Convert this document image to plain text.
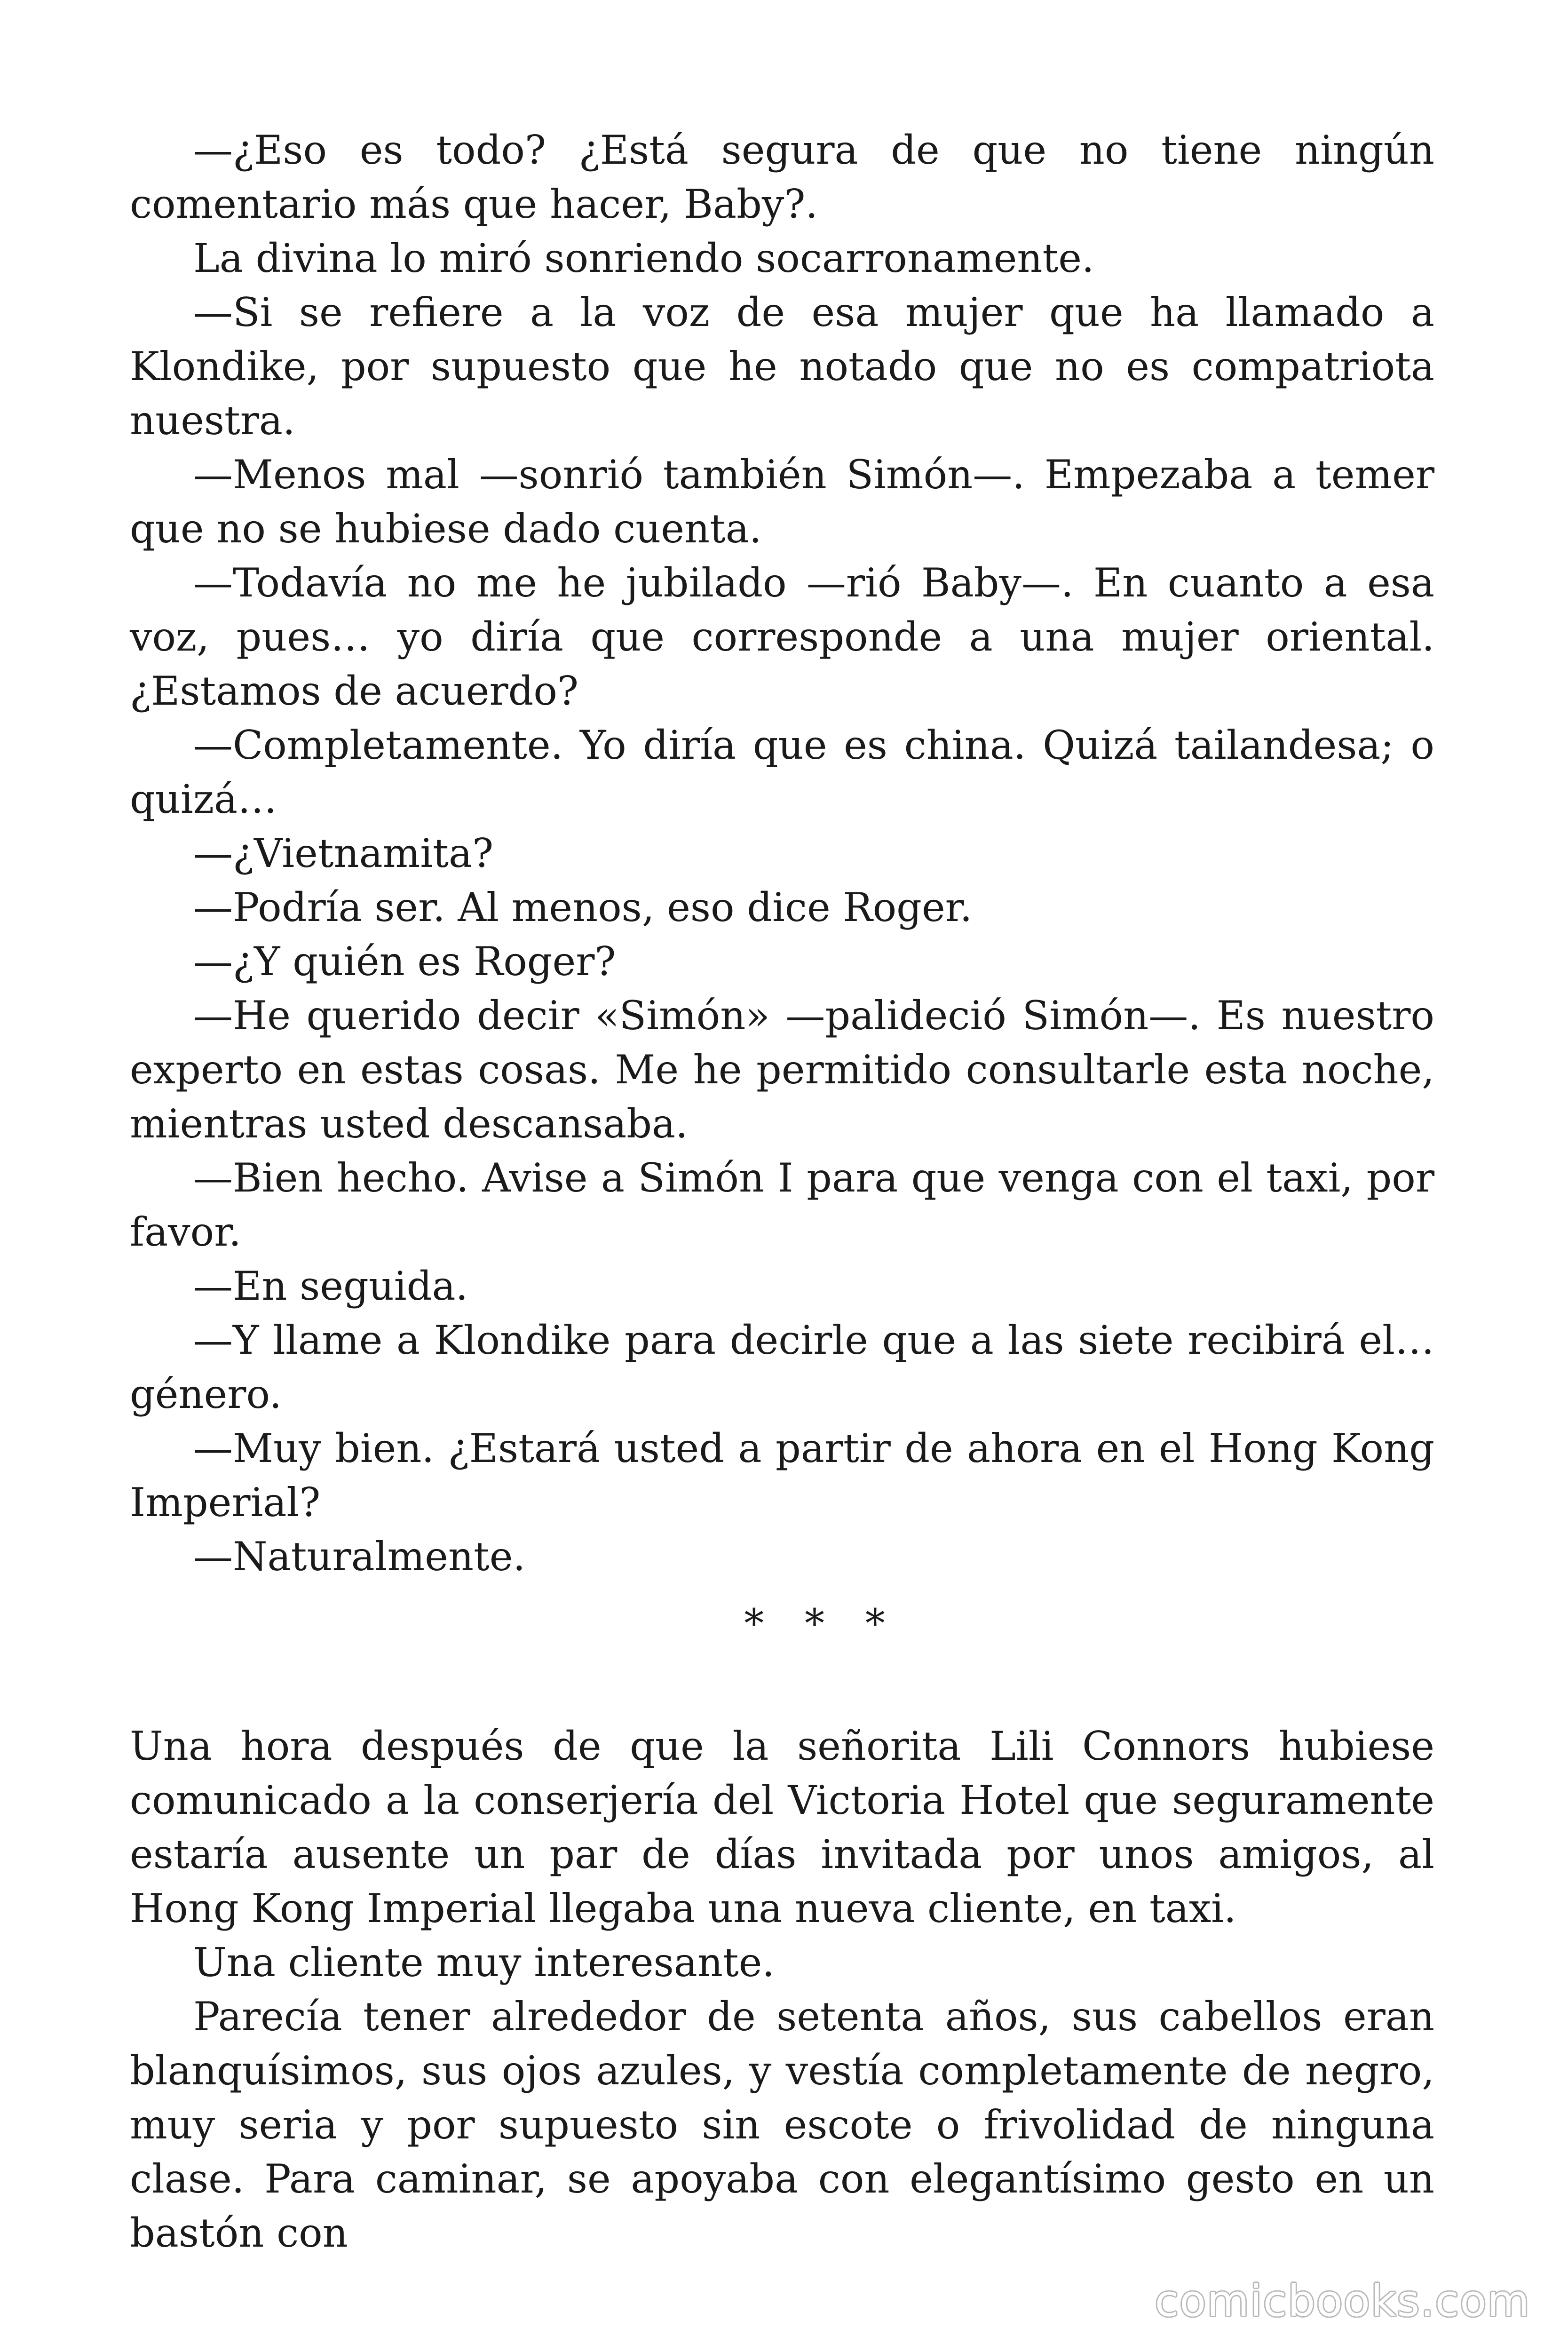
—¿Eso es todo? ¿Está segura de que no tiene ningún comentario más que hacer, Baby?.

La divina lo miró sonriendo socarronamente.

—Si se refiere a la voz de esa mujer que ha llamado a Klondike, por supuesto que he notado que no es compatriota nuestra.

—Menos mal —sonrió también Simón—. Empezaba a temer que no se hubiese dado cuenta.

—Todavía no me he jubilado —rió Baby—. En cuanto a esa voz, pues… yo diría que corresponde a una mujer oriental. ¿Estamos de acuerdo?

—Completamente. Yo diría que es china. Quizá tailandesa; o quizá…

—¿Vietnamita?

—Podría ser. Al menos, eso dice Roger.

—¿Y quién es Roger?

—He querido decir «Simón» —palideció Simón—. Es nuestro experto en estas cosas. Me he permitido consultarle esta noche, mientras usted descansaba.

—Bien hecho. Avise a Simón I para que venga con el taxi, por favor.

—En seguida.

—Y llame a Klondike para decirle que a las siete recibirá el… género.

—Muy bien. ¿Estará usted a partir de ahora en el Hong Kong Imperial?

—Naturalmente.

* * *

Una hora después de que la señorita Lili Connors hubiese comunicado a la conserjería del Victoria Hotel que seguramente estaría ausente un par de días invitada por unos amigos, al Hong Kong Imperial llegaba una nueva cliente, en taxi.

Una cliente muy interesante.

Parecía tener alrededor de setenta años, sus cabellos eran blanquísimos, sus ojos azules, y vestía completamente de negro, muy seria y por supuesto sin escote o frivolidad de ninguna clase. Para caminar, se apoyaba con elegantísimo gesto en un bastón con

comicbooks.com
